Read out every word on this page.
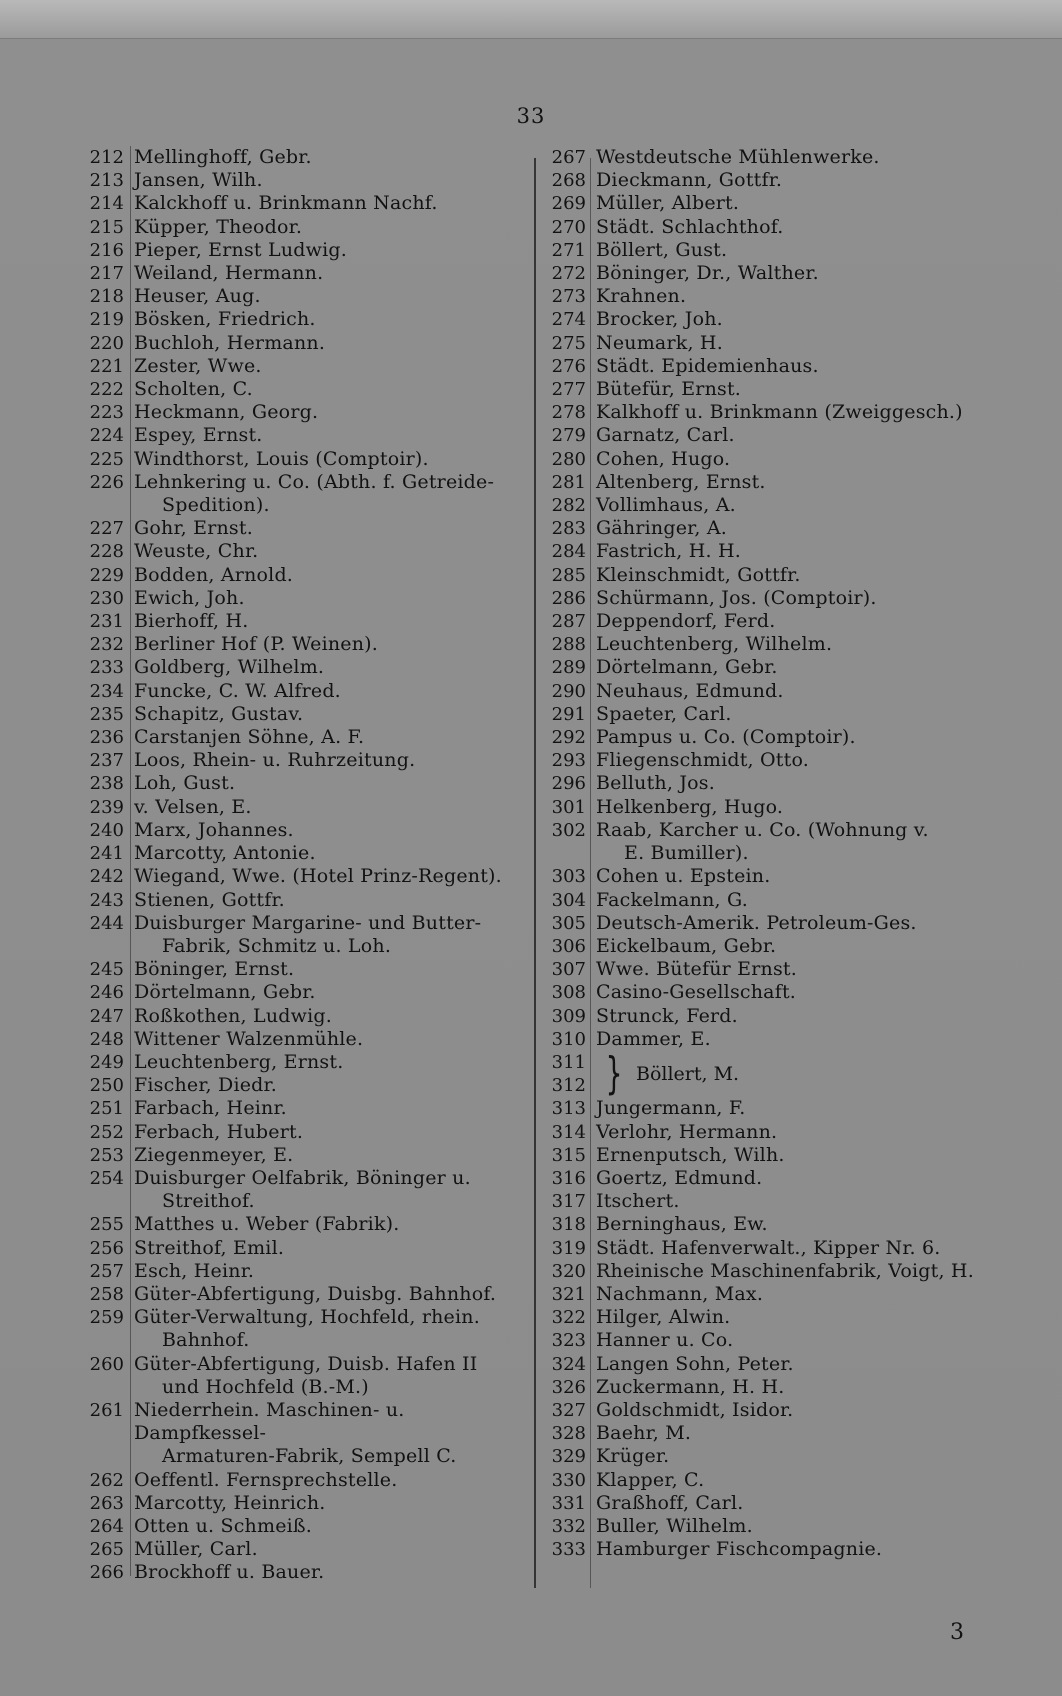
33
212 Mellinghoff, Gebr.
213 Jansen, Wilh.
214 Kalckhoff u. Brinkmann Nachf.
215 Küpper, Theodor.
216 Pieper, Ernst Ludwig.
217 Weiland, Hermann.
218 Heuser, Aug.
219 Bösken, Friedrich.
220 Buchloh, Hermann.
221 Zester, Wwe.
222 Scholten, C.
223 Heckmann, Georg.
224 Espey, Ernst.
225 Windthorst, Louis (Comptoir).
226 Lehnkering u. Co. (Abth. f. Getreide-
Spedition).
227 Gohr, Ernst.
228 Weuste, Chr.
229 Bodden, Arnold.
230 Ewich, Joh.
231 Bierhoff, H.
232 Berliner Hof (P. Weinen).
233 Goldberg, Wilhelm.
234 Funcke, C. W. Alfred.
235 Schapitz, Gustav.
236 Carstanjen Söhne, A. F.
237 Loos, Rhein- u. Ruhrzeitung.
238 Loh, Gust.
239 v. Velsen, E.
240 Marx, Johannes.
241 Marcotty, Antonie.
242 Wiegand, Wwe. (Hotel Prinz-Regent).
243 Stienen, Gottfr.
244 Duisburger Margarine- und Butter-
Fabrik, Schmitz u. Loh.
245 Böninger, Ernst.
246 Dörtelmann, Gebr.
247 Roßkothen, Ludwig.
248 Wittener Walzenmühle.
249 Leuchtenberg, Ernst.
250 Fischer, Diedr.
251 Farbach, Heinr.
252 Ferbach, Hubert.
253 Ziegenmeyer, E.
254 Duisburger Oelfabrik, Böninger u.
Streithof.
255 Matthes u. Weber (Fabrik).
256 Streithof, Emil.
257 Esch, Heinr.
258 Güter-Abfertigung, Duisbg. Bahnhof.
259 Güter-Verwaltung, Hochfeld, rhein.
Bahnhof.
260 Güter-Abfertigung, Duisb. Hafen II
und Hochfeld (B.-M.)
261 Niederrhein. Maschinen- u. Dampfkessel-
Armaturen-Fabrik, Sempell C.
262 Oeffentl. Fernsprechstelle.
263 Marcotty, Heinrich.
264 Otten u. Schmeiß.
265 Müller, Carl.
266 Brockhoff u. Bauer.
267 Westdeutsche Mühlenwerke.
268 Dieckmann, Gottfr.
269 Müller, Albert.
270 Städt. Schlachthof.
271 Böllert, Gust.
272 Böninger, Dr., Walther.
273 Krahnen.
274 Brocker, Joh.
275 Neumark, H.
276 Städt. Epidemienhaus.
277 Bütefür, Ernst.
278 Kalkhoff u. Brinkmann (Zweiggesch.)
279 Garnatz, Carl.
280 Cohen, Hugo.
281 Altenberg, Ernst.
282 Vollimhaus, A.
283 Gähringer, A.
284 Fastrich, H. H.
285 Kleinschmidt, Gottfr.
286 Schürmann, Jos. (Comptoir).
287 Deppendorf, Ferd.
288 Leuchtenberg, Wilhelm.
289 Dörtelmann, Gebr.
290 Neuhaus, Edmund.
291 Spaeter, Carl.
292 Pampus u. Co. (Comptoir).
293 Fliegenschmidt, Otto.
296 Belluth, Jos.
301 Helkenberg, Hugo.
302 Raab, Karcher u. Co. (Wohnung v.
E. Bumiller).
303 Cohen u. Epstein.
304 Fackelmann, G.
305 Deutsch-Amerik. Petroleum-Ges.
306 Eickelbaum, Gebr.
307 Wwe. Bütefür Ernst.
308 Casino-Gesellschaft.
309 Strunck, Ferd.
310 Dammer, E.
311
312 } Böllert, M.
313 Jungermann, F.
314 Verlohr, Hermann.
315 Ernenputsch, Wilh.
316 Goertz, Edmund.
317 Itschert.
318 Berninghaus, Ew.
319 Städt. Hafenverwalt., Kipper Nr. 6.
320 Rheinische Maschinenfabrik, Voigt, H.
321 Nachmann, Max.
322 Hilger, Alwin.
323 Hanner u. Co.
324 Langen Sohn, Peter.
326 Zuckermann, H. H.
327 Goldschmidt, Isidor.
328 Baehr, M.
329 Krüger.
330 Klapper, C.
331 Graßhoff, Carl.
332 Buller, Wilhelm.
333 Hamburger Fischcompagnie.
3
